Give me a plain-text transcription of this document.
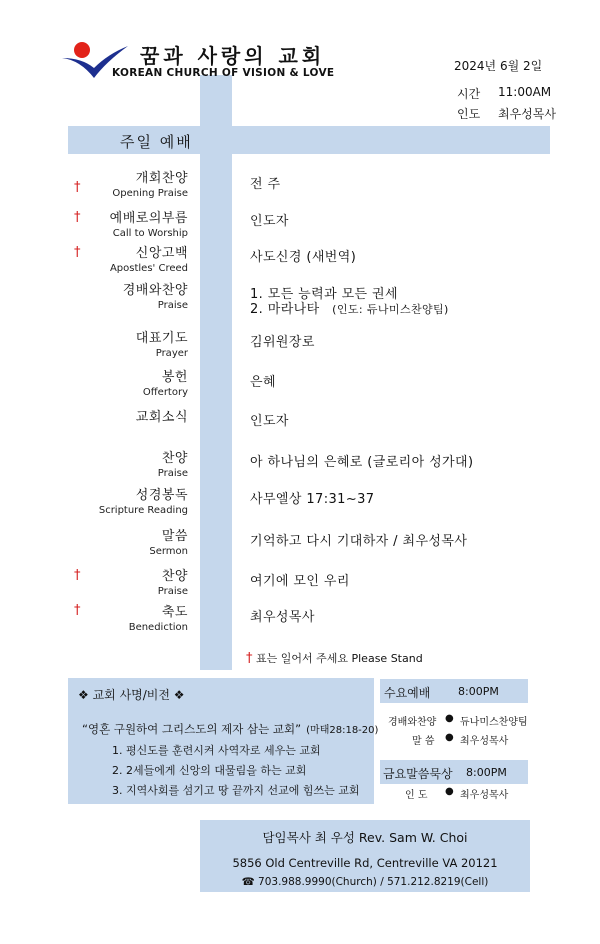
꿈과 사랑의 교회
KOREAN CHURCH OF VISION & LOVE	2024년 6월 2일
시간 11:00AM
인도 최우성목사
주일 예배
†
개회찬양
Opening Praise
전 주
† 예배로의부름
Call to Worship
인도자
†	신앙고백
Apostles' Creed
사도신경 (새번역)
경배와찬양
Praise
1. 모든 능력과 모든 권세
2. 마라나타 (인도: 듀나미스찬양팀)
대표기도
Prayer
김위원장로
봉헌
Offertory
은혜
교회소식	인도자
찬양
Praise
아 하나님의 은혜로 (글로리아 성가대)
성경봉독
Scripture Reading
사무엘상 17:31~37
말씀
Sermon
기억하고 다시 기대하자 / 최우성목사
†	찬양
Praise
여기에 모인 우리
†	축도
Benediction
최우성목사
† 표는 일어서 주세요 Please Stand
❖ 교회 사명/비전 ❖
“영혼 구원하여 그리스도의 제자 삼는 교회” (마태28:18-20)
1. 평신도를 훈련시켜 사역자로 세우는 교회
2. 2세들에게 신앙의 대물림을 하는 교회
3. 지역사회를 섬기고 땅 끝까지 선교에 힘쓰는 교회
수요예배	8:00PM
경배와찬양 ● 듀나미스찬양팀
말 씀 ● 최우성목사
금요말씀묵상 8:00PM
인 도 ● 최우성목사
담임목사 최 우성 Rev. Sam W. Choi
5856 Old Centreville Rd, Centreville VA 20121
☎ 703.988.9990(Church) / 571.212.8219(Cell)
